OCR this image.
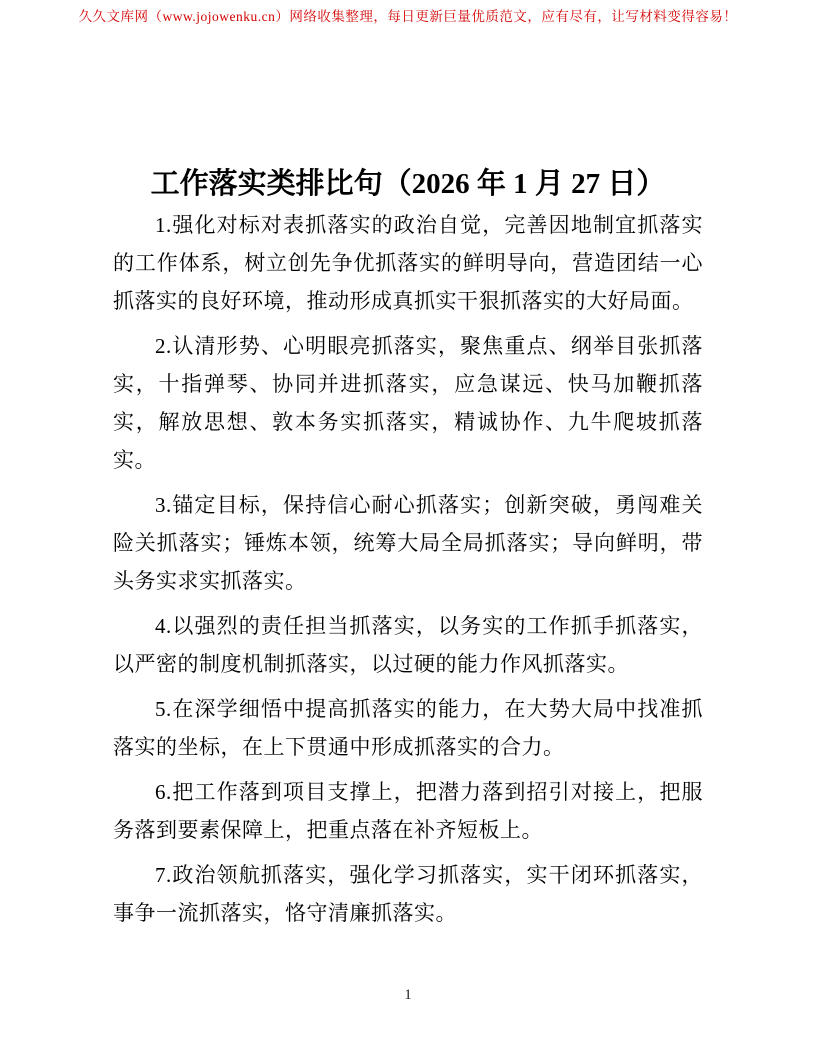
久久文库网（www.jojowenku.cn）网络收集整理，每日更新巨量优质范文，应有尽有，让写材料变得容易！
工作落实类排比句（2026 年 1 月 27 日）

1.强化对标对表抓落实的政治自觉，完善因地制宜抓落实的工作体系，树立创先争优抓落实的鲜明导向，营造团结一心抓落实的良好环境，推动形成真抓实干狠抓落实的大好局面。

2.认清形势、心明眼亮抓落实，聚焦重点、纲举目张抓落实，十指弹琴、协同并进抓落实，应急谋远、快马加鞭抓落实，解放思想、敦本务实抓落实，精诚协作、九牛爬坡抓落实。

3.锚定目标，保持信心耐心抓落实；创新突破，勇闯难关险关抓落实；锤炼本领，统筹大局全局抓落实；导向鲜明，带头务实求实抓落实。

4.以强烈的责任担当抓落实，以务实的工作抓手抓落实，以严密的制度机制抓落实，以过硬的能力作风抓落实。

5.在深学细悟中提高抓落实的能力，在大势大局中找准抓落实的坐标，在上下贯通中形成抓落实的合力。

6.把工作落到项目支撑上，把潜力落到招引对接上，把服务落到要素保障上，把重点落在补齐短板上。

7.政治领航抓落实，强化学习抓落实，实干闭环抓落实，事争一流抓落实，恪守清廉抓落实。

1
